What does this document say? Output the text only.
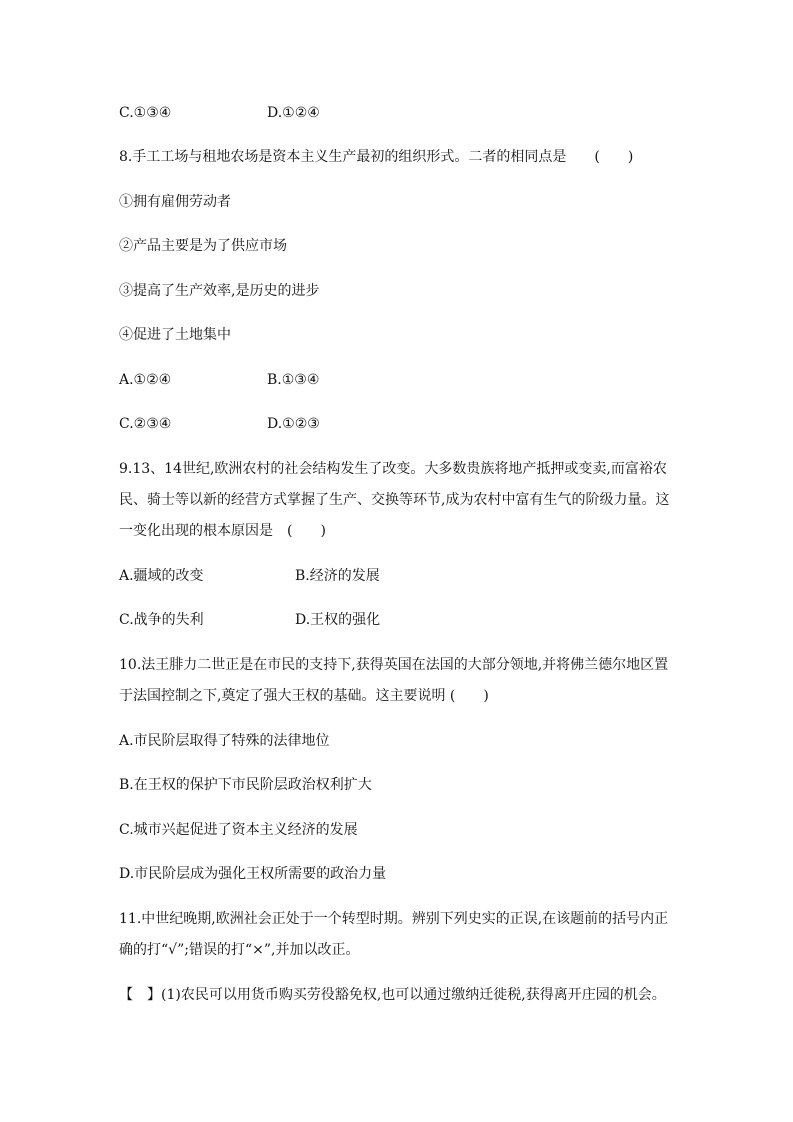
C.①③④	D.①②④
8.手工工场与租地农场是资本主义生产最初的组织形式。二者的相同点是 (　　)
①拥有雇佣劳动者
②产品主要是为了供应市场
③提高了生产效率,是历史的进步
④促进了土地集中
A.①②④	B.①③④
C.②③④	D.①②③
9.13、14世纪,欧洲农村的社会结构发生了改变。大多数贵族将地产抵押或变卖,而富裕农
民、骑士等以新的经营方式掌握了生产、交换等环节,成为农村中富有生气的阶级力量。这
一变化出现的根本原因是　(　　)
A.疆域的改变	B.经济的发展
C.战争的失利	D.王权的强化
10.法王腓力二世正是在市民的支持下,获得英国在法国的大部分领地,并将佛兰德尔地区置
于法国控制之下,奠定了强大王权的基础。这主要说明 (　　)
A.市民阶层取得了特殊的法律地位
B.在王权的保护下市民阶层政治权利扩大
C.城市兴起促进了资本主义经济的发展
D.市民阶层成为强化王权所需要的政治力量
11.中世纪晚期,欧洲社会正处于一个转型时期。辨别下列史实的正误,在该题前的括号内正
确的打“√”;错误的打“×”,并加以改正。
【　】(1)农民可以用货币购买劳役豁免权,也可以通过缴纳迁徙税,获得离开庄园的机会。
